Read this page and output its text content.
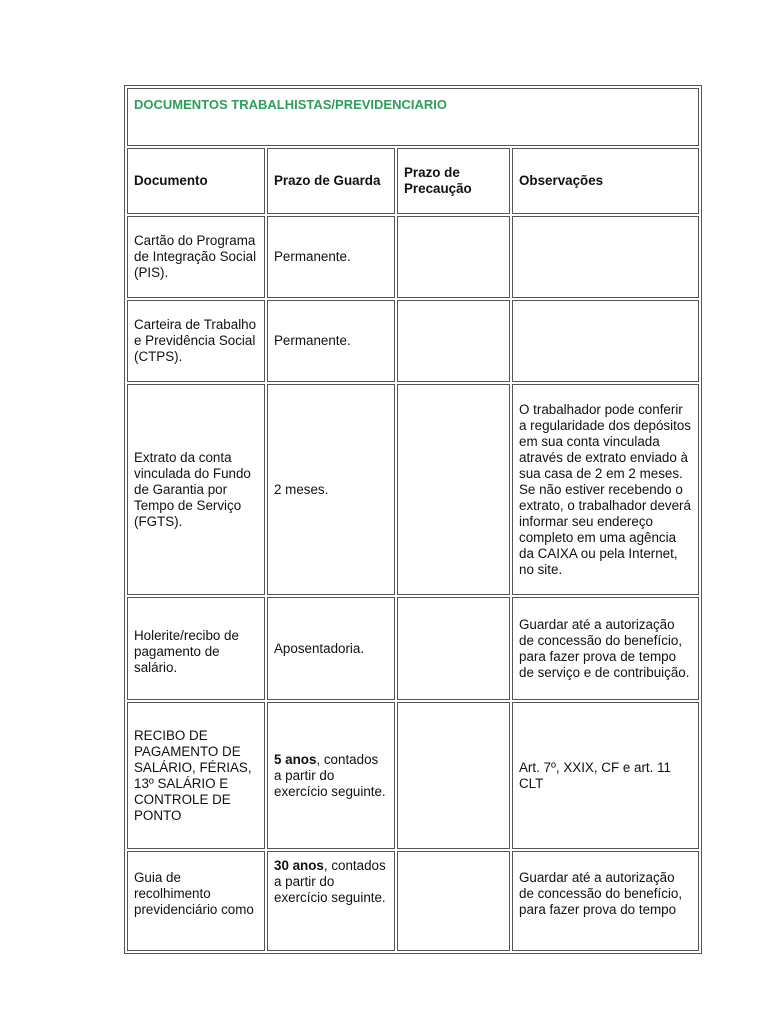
DOCUMENTOS TRABALHISTAS/PREVIDENCIARIO			
Documento	Prazo de Guarda	Prazo de Precaução	Observações
Cartão do Programa de Integração Social (PIS).	Permanente.		
Carteira de Trabalho e Previdência Social (CTPS).	Permanente.		
Extrato da conta vinculada do Fundo de Garantia por Tempo de Serviço (FGTS).	2 meses.		O trabalhador pode conferir a regularidade dos depósitos em sua conta vinculada através de extrato enviado à sua casa de 2 em 2 meses. Se não estiver recebendo o extrato, o trabalhador deverá informar seu endereço completo em uma agência da CAIXA ou pela Internet, no site.
Holerite/recibo de pagamento de salário.	Aposentadoria.		Guardar até a autorização de concessão do benefício, para fazer prova de tempo de serviço e de contribuição.
RECIBO DE PAGAMENTO DE SALÁRIO, FÉRIAS, 13º SALÁRIO E CONTROLE DE PONTO	5 anos, contados a partir do exercício seguinte.		Art. 7º, XXIX, CF e art. 11 CLT
Guia de recolhimento previdenciário como	30 anos, contados a partir do exercício seguinte.		Guardar até a autorização de concessão do benefício, para fazer prova do tempo
